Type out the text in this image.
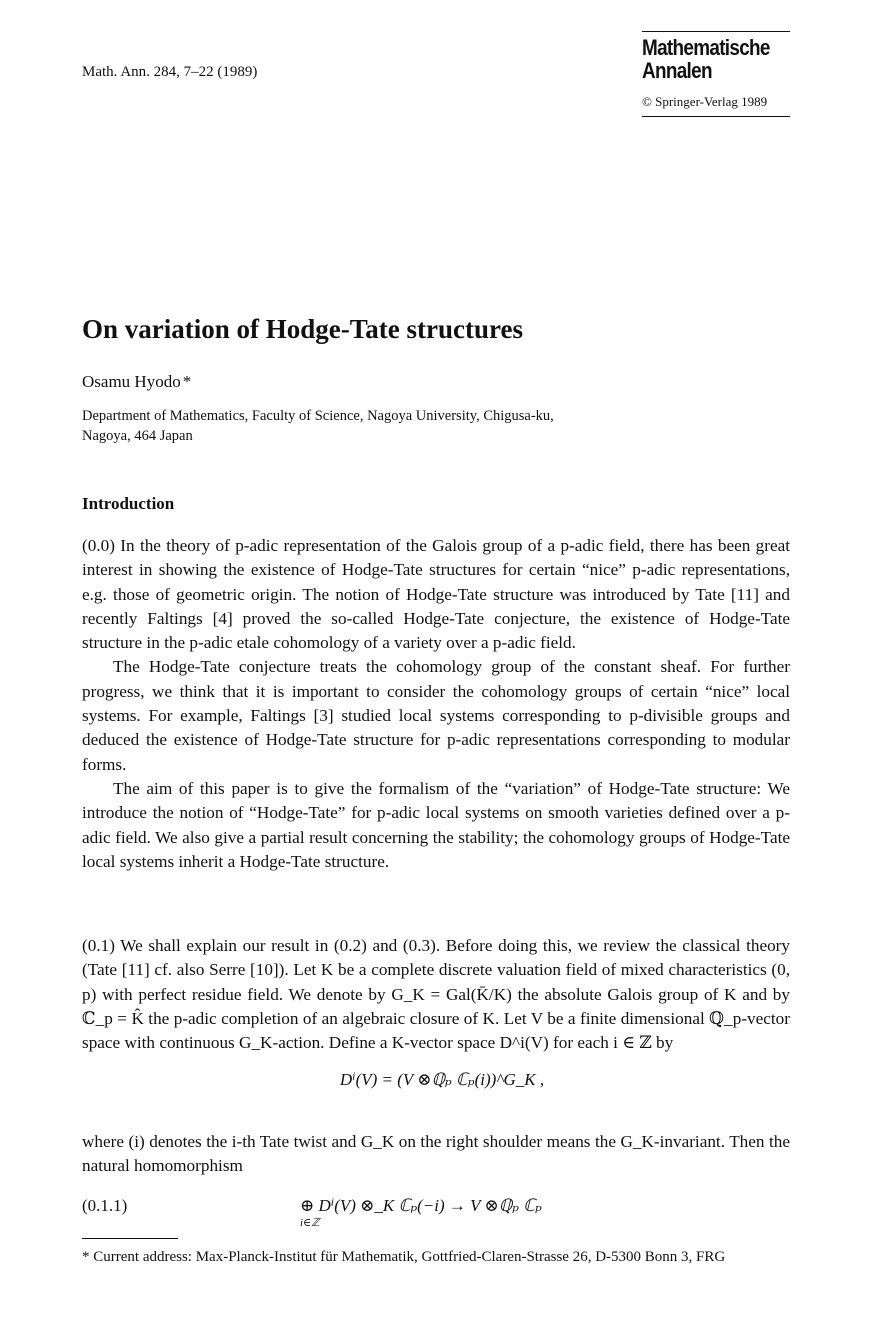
Math. Ann. 284, 7–22 (1989)
Mathematische
Annalen
© Springer-Verlag 1989
On variation of Hodge-Tate structures
Osamu Hyodo *
Department of Mathematics, Faculty of Science, Nagoya University, Chigusa-ku,
Nagoya, 464 Japan
Introduction

(0.0) In the theory of p-adic representation of the Galois group of a p-adic field, there has been great interest in showing the existence of Hodge-Tate structures for certain “nice” p-adic representations, e.g. those of geometric origin. The notion of Hodge-Tate structure was introduced by Tate [11] and recently Faltings [4] proved the so-called Hodge-Tate conjecture, the existence of Hodge-Tate structure in the p-adic etale cohomology of a variety over a p-adic field.

The Hodge-Tate conjecture treats the cohomology group of the constant sheaf. For further progress, we think that it is important to consider the cohomology groups of certain “nice” local systems. For example, Faltings [3] studied local systems corresponding to p-divisible groups and deduced the existence of Hodge-Tate structure for p-adic representations corresponding to modular forms.

The aim of this paper is to give the formalism of the “variation” of Hodge-Tate structure: We introduce the notion of “Hodge-Tate” for p-adic local systems on smooth varieties defined over a p-adic field. We also give a partial result concerning the stability; the cohomology groups of Hodge-Tate local systems inherit a Hodge-Tate structure.

(0.1) We shall explain our result in (0.2) and (0.3). Before doing this, we review the classical theory (Tate [11] cf. also Serre [10]). Let K be a complete discrete valuation field of mixed characteristics (0, p) with perfect residue field. We denote by G_K = Gal(K̄/K) the absolute Galois group of K and by ℂ_p = K̂ the p-adic completion of an algebraic closure of K. Let V be a finite dimensional ℚ_p-vector space with continuous G_K-action. Define a K-vector space D^i(V) for each i ∈ ℤ by

Dⁱ(V) = (V ⊗ℚₚ ℂₚ(i))^G_K ,

where (i) denotes the i-th Tate twist and G_K on the right shoulder means the G_K-invariant. Then the natural homomorphism

(0.1.1)	⊕ Dⁱ(V) ⊗_K ℂₚ(−i) → V ⊗ℚₚ ℂₚ
i∈ℤ
* Current address: Max-Planck-Institut für Mathematik, Gottfried-Claren-Strasse 26, D-5300 Bonn 3, FRG
